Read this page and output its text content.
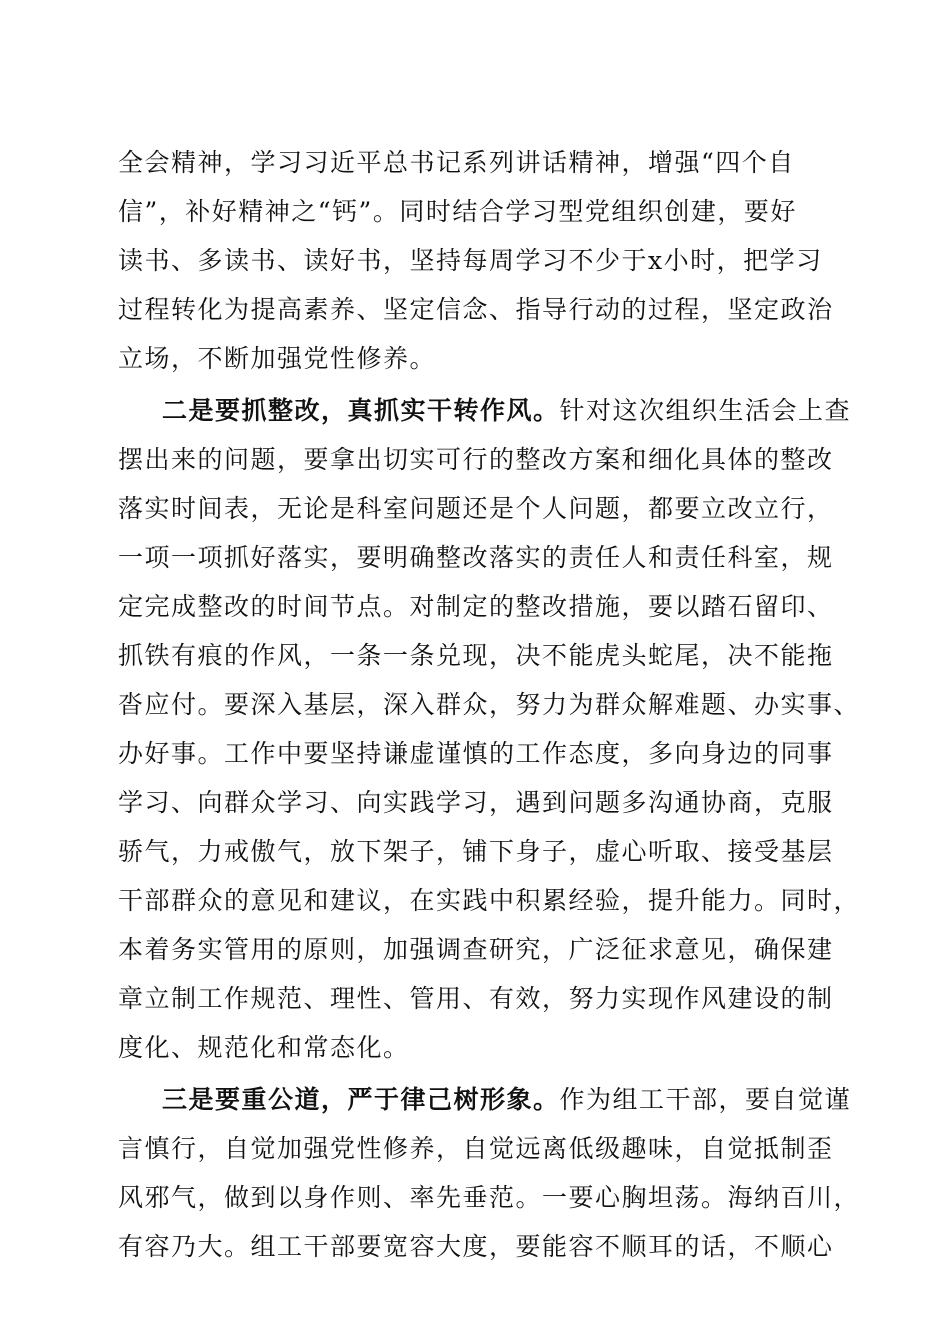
全会精神，学习习近平总书记系列讲话精神，增强“四个自
信”，补好精神之“钙”。同时结合学习型党组织创建，要好
读书、多读书、读好书，坚持每周学习不少于x小时，把学习
过程转化为提高素养、坚定信念、指导行动的过程，坚定政治
立场，不断加强党性修养。
二是要抓整改，真抓实干转作风。针对这次组织生活会上查
摆出来的问题，要拿出切实可行的整改方案和细化具体的整改
落实时间表，无论是科室问题还是个人问题，都要立改立行，
一项一项抓好落实，要明确整改落实的责任人和责任科室，规
定完成整改的时间节点。对制定的整改措施，要以踏石留印、
抓铁有痕的作风，一条一条兑现，决不能虎头蛇尾，决不能拖
沓应付。要深入基层，深入群众，努力为群众解难题、办实事、
办好事。工作中要坚持谦虚谨慎的工作态度，多向身边的同事
学习、向群众学习、向实践学习，遇到问题多沟通协商，克服
骄气，力戒傲气，放下架子，铺下身子，虚心听取、接受基层
干部群众的意见和建议，在实践中积累经验，提升能力。同时，
本着务实管用的原则，加强调查研究，广泛征求意见，确保建
章立制工作规范、理性、管用、有效，努力实现作风建设的制
度化、规范化和常态化。
三是要重公道，严于律己树形象。作为组工干部，要自觉谨
言慎行，自觉加强党性修养，自觉远离低级趣味，自觉抵制歪
风邪气，做到以身作则、率先垂范。一要心胸坦荡。海纳百川，
有容乃大。组工干部要宽容大度，要能容不顺耳的话，不顺心
